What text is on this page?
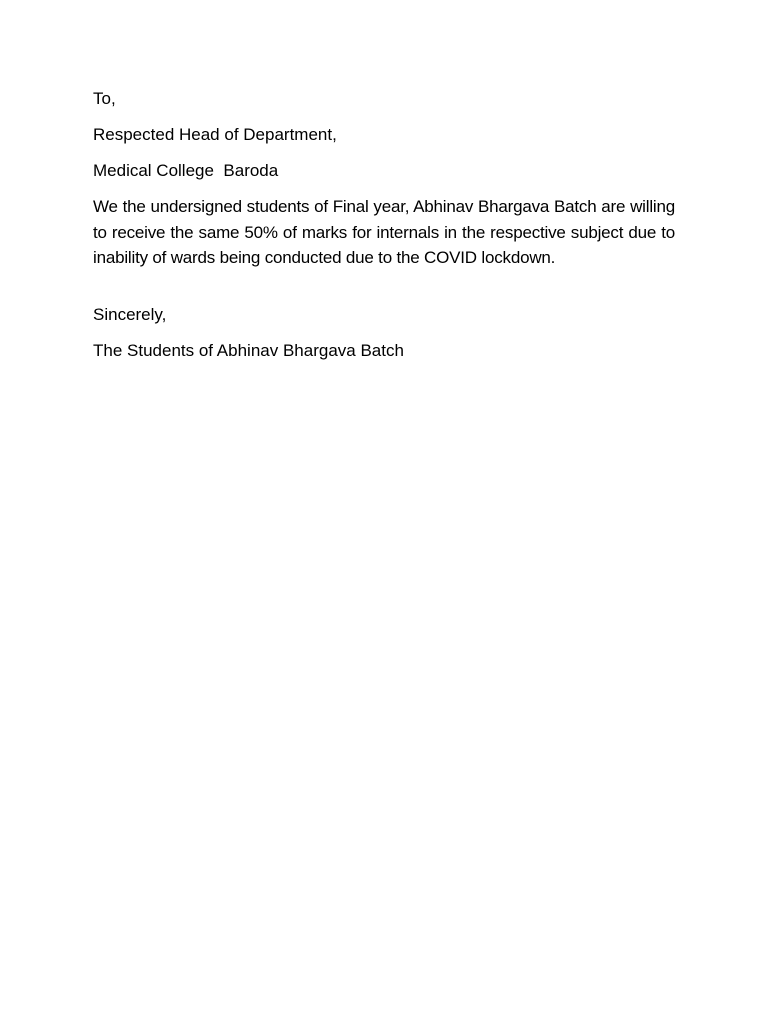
To,

Respected Head of Department,

Medical College  Baroda

We the undersigned students of Final year, Abhinav Bhargava Batch are willing to receive the same 50% of marks for internals in the respective subject due to inability of wards being conducted due to the COVID lockdown.

Sincerely,

The Students of Abhinav Bhargava Batch
